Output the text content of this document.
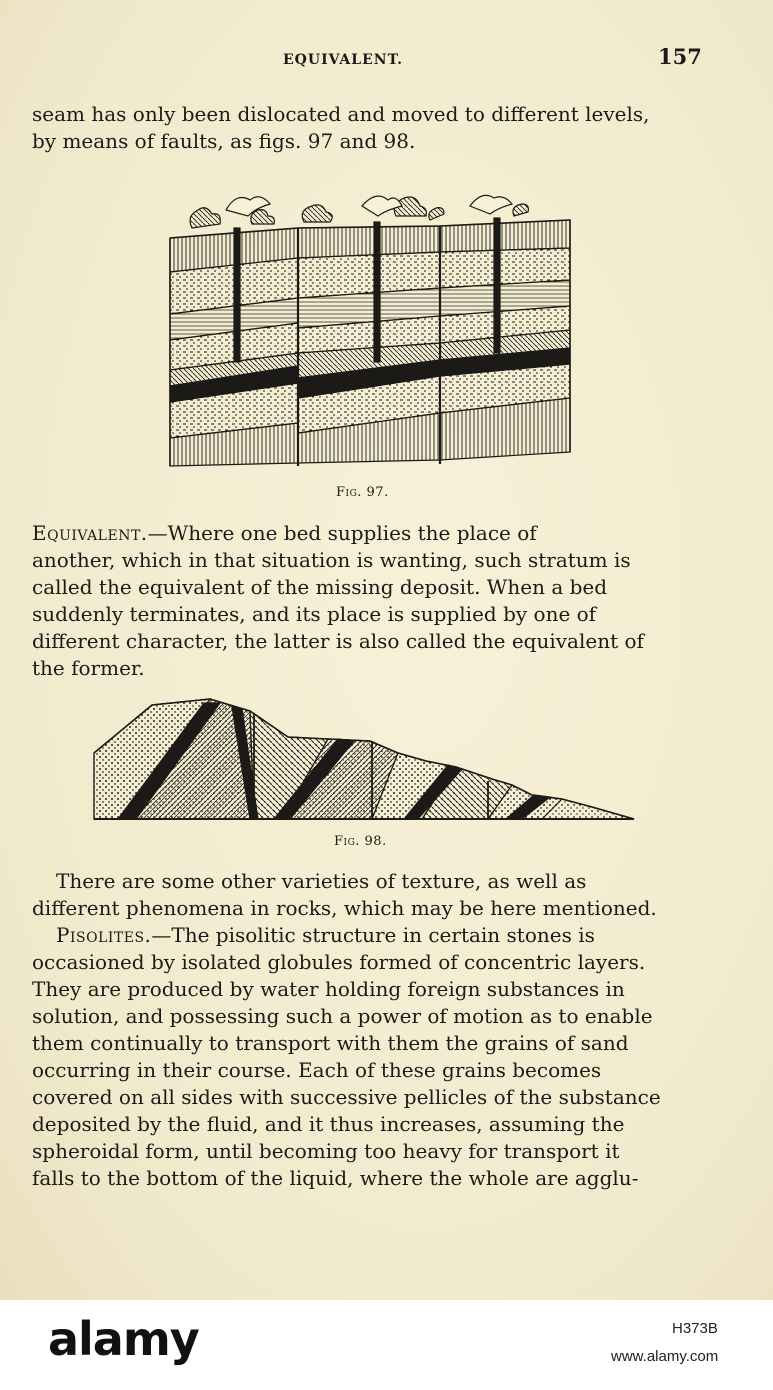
EQUIVALENT.	157

seam has only been dislocated and moved to different levels,
by means of faults, as figs. 97 and 98.

Fig. 97.

Equivalent.—Where one bed supplies the place of
another, which in that situation is wanting, such stratum is
called the equivalent of the missing deposit. When a bed
suddenly terminates, and its place is supplied by one of
different character, the latter is also called the equivalent of
the former.

Fig. 98.

There are some other varieties of texture, as well as
different phenomena in rocks, which may be here mentioned.

Pisolites.—The pisolitic structure in certain stones is
occasioned by isolated globules formed of concentric layers.
They are produced by water holding foreign substances in
solution, and possessing such a power of motion as to enable
them continually to transport with them the grains of sand
occurring in their course. Each of these grains becomes
covered on all sides with successive pellicles of the substance
deposited by the fluid, and it thus increases, assuming the
spheroidal form, until becoming too heavy for transport it
falls to the bottom of the liquid, where the whole are agglu-

alamy	H373B
www.alamy.com
